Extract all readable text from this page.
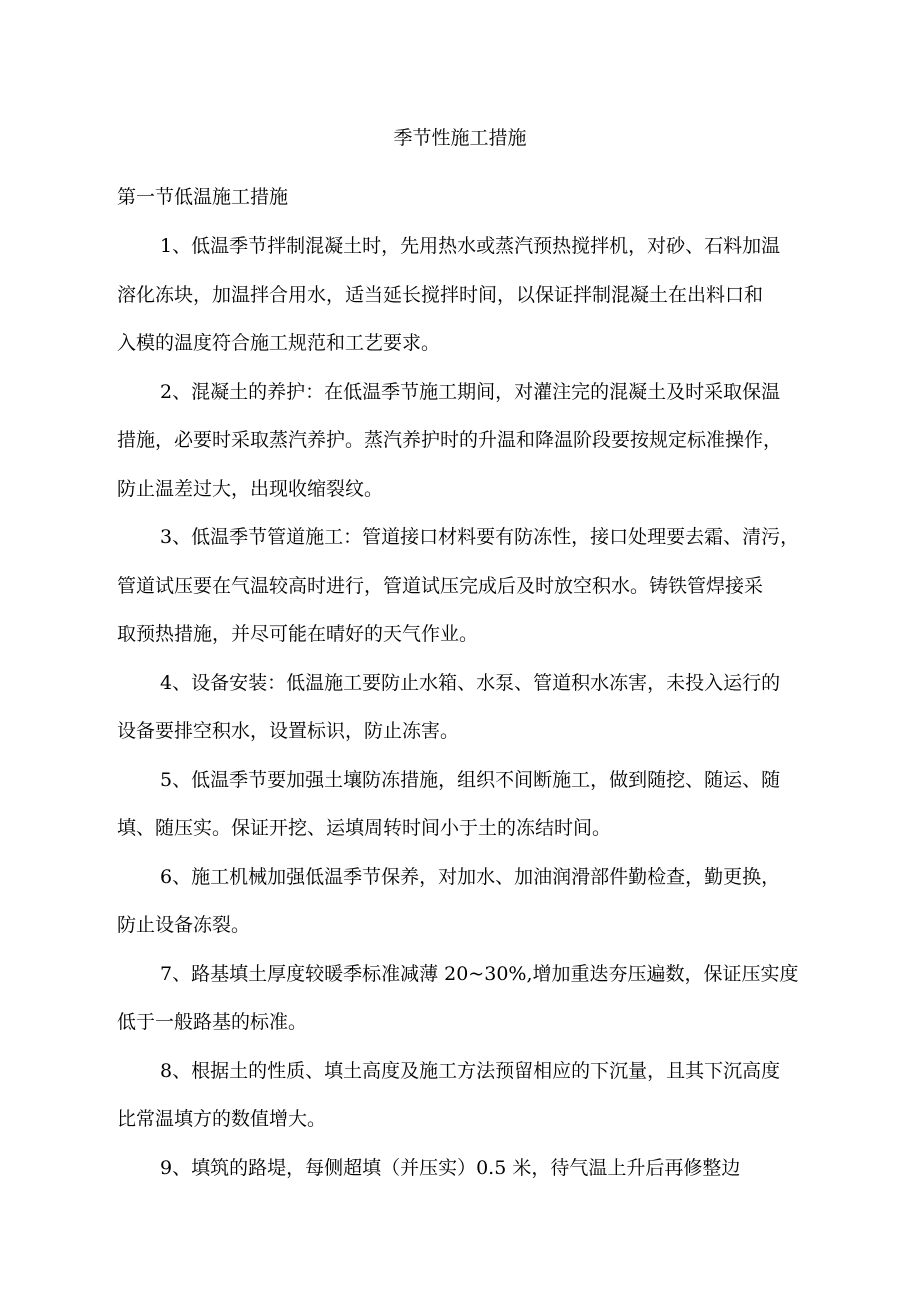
季节性施工措施
第一节低温施工措施

1、低温季节拌制混凝土时，先用热水或蒸汽预热搅拌机，对砂、石料加温

溶化冻块，加温拌合用水，适当延长搅拌时间，以保证拌制混凝土在出料口和

入模的温度符合施工规范和工艺要求。

2、混凝土的养护：在低温季节施工期间，对灌注完的混凝土及时采取保温

措施，必要时采取蒸汽养护。蒸汽养护时的升温和降温阶段要按规定标准操作，

防止温差过大，出现收缩裂纹。

3、低温季节管道施工：管道接口材料要有防冻性，接口处理要去霜、清污，

管道试压要在气温较高时进行，管道试压完成后及时放空积水。铸铁管焊接采

取预热措施，并尽可能在晴好的天气作业。

4、设备安装：低温施工要防止水箱、水泵、管道积水冻害，未投入运行的

设备要排空积水，设置标识，防止冻害。

5、低温季节要加强土壤防冻措施，组织不间断施工，做到随挖、随运、随

填、随压实。保证开挖、运填周转时间小于土的冻结时间。

6、施工机械加强低温季节保养，对加水、加油润滑部件勤检查，勤更换，

防止设备冻裂。

7、路基填土厚度较暖季标准减薄 20~30%,增加重迭夯压遍数，保证压实度

低于一般路基的标准。

8、根据土的性质、填土高度及施工方法预留相应的下沉量，且其下沉高度

比常温填方的数值增大。

9、填筑的路堤，每侧超填（并压实）0.5 米，待气温上升后再修整边
